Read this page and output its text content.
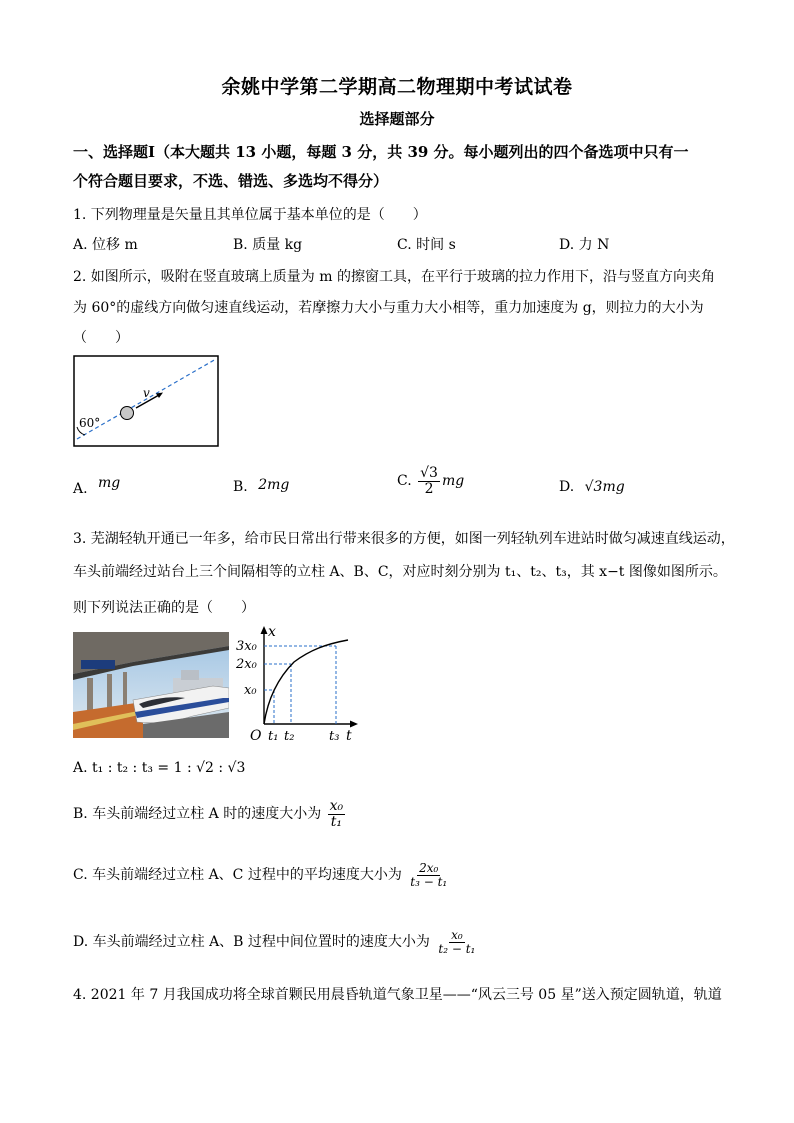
余姚中学第二学期高二物理期中考试试卷
选择题部分
一、选择题Ⅰ（本大题共 13 小题，每题 3 分，共 39 分。每小题列出的四个备选项中只有一
个符合题目要求，不选、错选、多选均不得分）
1. 下列物理量是矢量且其单位属于基本单位的是（　　）
A. 位移 m	B. 质量 kg	C. 时间 s	D. 力 N
2. 如图所示，吸附在竖直玻璃上质量为 m 的擦窗工具，在平行于玻璃的拉力作用下，沿与竖直方向夹角
为 60°的虚线方向做匀速直线运动，若摩擦力大小与重力大小相等，重力加速度为 g，则拉力的大小为
（　　）
60°
v
A. mg	B. 2mg	C. $\frac{√3}{2}$ mg	D. √3mg
3. 芜湖轻轨开通已一年多，给市民日常出行带来很多的方便，如图一列轻轨列车进站时做匀减速直线运动，
车头前端经过站台上三个间隔相等的立柱 A、B、C，对应时刻分别为 t₁、t₂、t₃，其 x−t 图像如图所示。
则下列说法正确的是（　　）
x
t
O
3x₀
2x₀
x₀
t₁ t₂	t₃
A. t₁ : t₂ : t₃ = 1 : √2 : √3
B. 车头前端经过立柱 A 时的速度大小为 $\frac{\text{x₀}}{\text{t₁}}$
C. 车头前端经过立柱 A、C 过程中的平均速度大小为 $\frac{\text{2x₀}}{\text{t₃ − t₁}}$
D. 车头前端经过立柱 A、B 过程中间位置时的速度大小为 $\frac{\text{x₀}}{\text{t₂ − t₁}}$
4. 2021 年 7 月我国成功将全球首颗民用晨昏轨道气象卫星——“风云三号 05 星”送入预定圆轨道，轨道
